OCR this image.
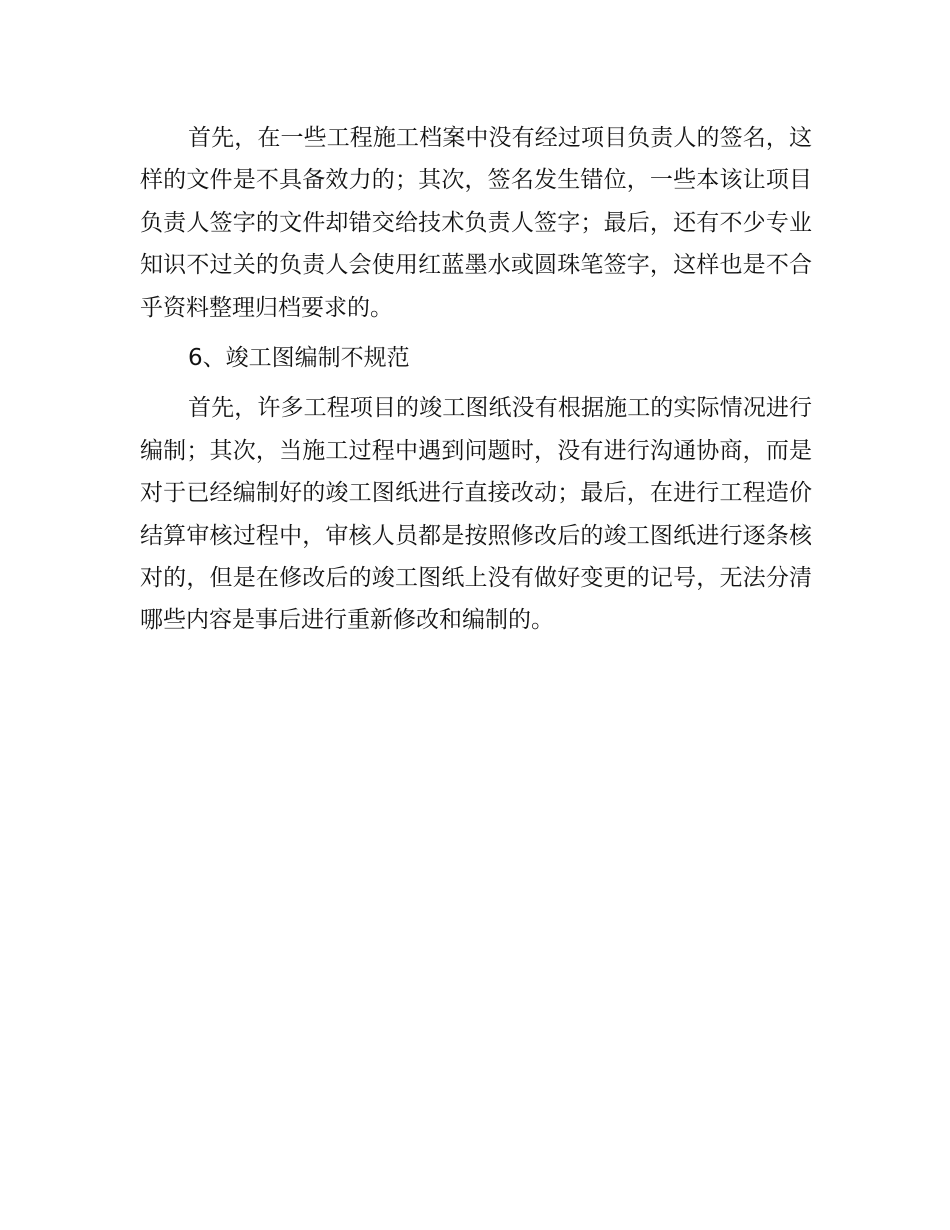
首先，在一些工程施工档案中没有经过项目负责人的签名，这样的文件是不具备效力的；其次，签名发生错位，一些本该让项目负责人签字的文件却错交给技术负责人签字；最后，还有不少专业知识不过关的负责人会使用红蓝墨水或圆珠笔签字，这样也是不合乎资料整理归档要求的。

6、竣工图编制不规范

首先，许多工程项目的竣工图纸没有根据施工的实际情况进行编制；其次，当施工过程中遇到问题时，没有进行沟通协商，而是对于已经编制好的竣工图纸进行直接改动；最后，在进行工程造价结算审核过程中，审核人员都是按照修改后的竣工图纸进行逐条核对的，但是在修改后的竣工图纸上没有做好变更的记号，无法分清哪些内容是事后进行重新修改和编制的。
